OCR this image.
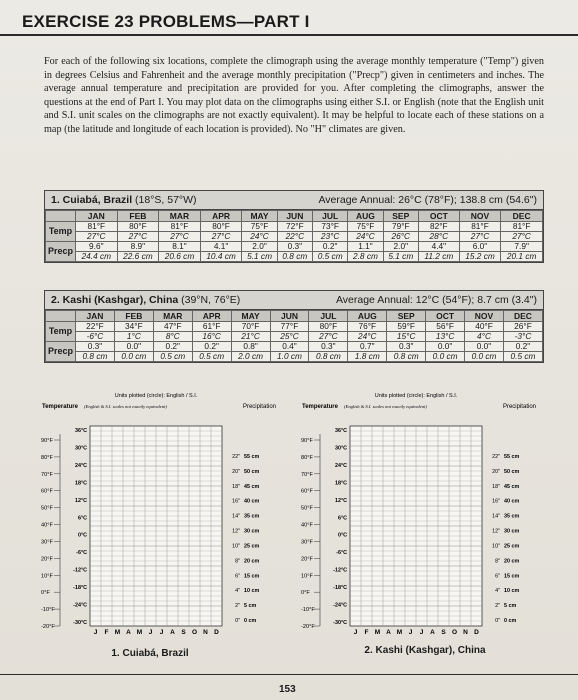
EXERCISE 23 PROBLEMS—PART I

For each of the following six locations, complete the climograph using the average monthly temperature ("Temp") given in degrees Celsius and Fahrenheit and the average monthly precipitation ("Precp") given in centimeters and inches. The average annual temperature and precipitation are provided for you. After completing the climographs, answer the questions at the end of Part I. You may plot data on the climographs using either S.I. or English (note that the English unit and S.I. unit scales on the climographs are not exactly equivalent). It may be helpful to locate each of these stations on a map (the latitude and longitude of each location is provided). No "H" climates are given.

1. Cuiabá, Brazil (18°S, 57°W)	Average Annual: 26°C (78°F); 138.8 cm (54.6")
	JAN	FEB	MAR	APR	MAY	JUN	JUL	AUG	SEP	OCT	NOV	DEC
Temp	81°F	80°F	81°F	80°F	75°F	72°F	73°F	75°F	79°F	82°F	81°F	81°F
	27°C	27°C	27°C	27°C	24°C	22°C	23°C	24°C	26°C	28°C	27°C	27°C
Precp	9.6"	8.9"	8.1"	4.1"	2.0"	0.3"	0.2"	1.1"	2.0"	4.4"	6.0"	7.9"
	24.4 cm	22.6 cm	20.6 cm	10.4 cm	5.1 cm	0.8 cm	0.5 cm	2.8 cm	5.1 cm	11.2 cm	15.2 cm	20.1 cm
2. Kashi (Kashgar), China (39°N, 76°E)	Average Annual: 12°C (54°F); 8.7 cm (3.4")
	JAN	FEB	MAR	APR	MAY	JUN	JUL	AUG	SEP	OCT	NOV	DEC
Temp	22°F	34°F	47°F	61°F	70°F	77°F	80°F	76°F	59°F	56°F	40°F	26°F
	-6°C	1°C	8°C	16°C	21°C	25°C	27°C	24°C	15°C	13°C	4°C	-3°C
Precp	0.3"	0.0"	0.2"	0.2"	0.8"	0.4"	0.3"	0.7"	0.3"	0.0"	0.0"	0.2"
	0.8 cm	0.0 cm	0.5 cm	0.5 cm	2.0 cm	1.0 cm	0.8 cm	1.8 cm	0.8 cm	0.0 cm	0.0 cm	0.5 cm
Units plotted (circle): English / S.I.
Temperature (English & S.I. scales not exactly equivalent)	Precipitation
J F M A M J J A S O N D
90°F
80°F
70°F
60°F
50°F
40°F
30°F
20°F
10°F
0°F
-10°F
-20°F
36°C
30°C
24°C
18°C
12°C
6°C
0°C
-6°C
-12°C
-18°C
-24°C
-30°C
22" 55 cm
20" 50 cm
18" 45 cm
16" 40 cm
14" 35 cm
12" 30 cm
10" 25 cm
8" 20 cm
6" 15 cm
4" 10 cm
2" 5 cm
0" 0 cm
Units plotted (circle): English / S.I.
Temperature (English & S.I. scales not exactly equivalent)	Precipitation
J F M A M J J A S O N D
90°F
80°F
70°F
60°F
50°F
40°F
30°F
20°F
10°F
0°F
-10°F
-20°F
36°C
30°C
24°C
18°C
12°C
6°C
0°C
-6°C
-12°C
-18°C
-24°C
-30°C
22" 55 cm
20" 50 cm
18" 45 cm
16" 40 cm
14" 35 cm
12" 30 cm
10" 25 cm
8" 20 cm
6" 15 cm
4" 10 cm
2" 5 cm
0" 0 cm
1. Cuiabá, Brazil	2. Kashi (Kashgar), China
153
